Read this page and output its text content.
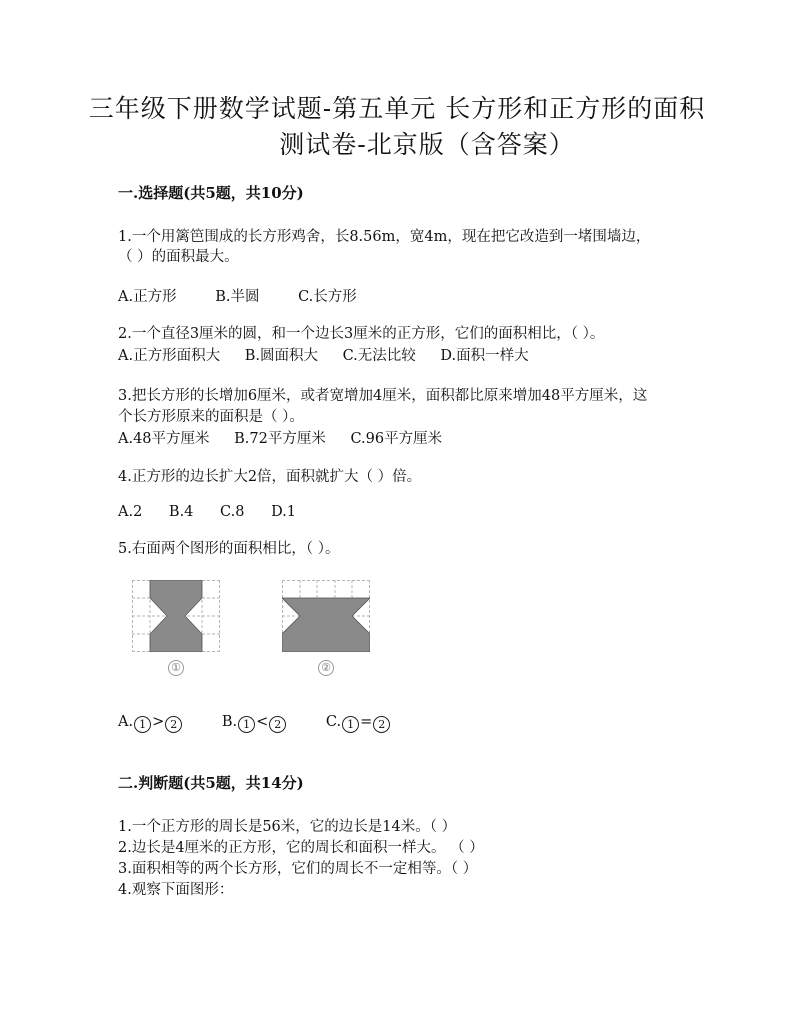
三年级下册数学试题-第五单元 长方形和正方形的面积
测试卷-北京版（含答案）
一.选择题(共5题，共10分)
1.一个用篱笆围成的长方形鸡舍，长8.56m，宽4m，现在把它改造到一堵围墙边，
（ ）的面积最大。
A.正方形	B.半圆	C.长方形
2.一个直径3厘米的圆，和一个边长3厘米的正方形，它们的面积相比，（ ）。
A.正方形面积大 B.圆面积大 C.无法比较 D.面积一样大
3.把长方形的长增加6厘米，或者宽增加4厘米，面积都比原来增加48平方厘米，这
个长方形原来的面积是（ ）。
A.48平方厘米 B.72平方厘米 C.96平方厘米
4.正方形的边长扩大2倍，面积就扩大（ ）倍。
A.2 B.4 C.8 D.1
5.右面两个图形的面积相比，（ ）。
①	②
A. 1 > 2	B. 1 < 2	C. 1 = 2
二.判断题(共5题，共14分)
1.一个正方形的周长是56米，它的边长是14米。（ ）
2.边长是4厘米的正方形，它的周长和面积一样大。 （ ）
3.面积相等的两个长方形，它们的周长不一定相等。（ ）
4.观察下面图形：
